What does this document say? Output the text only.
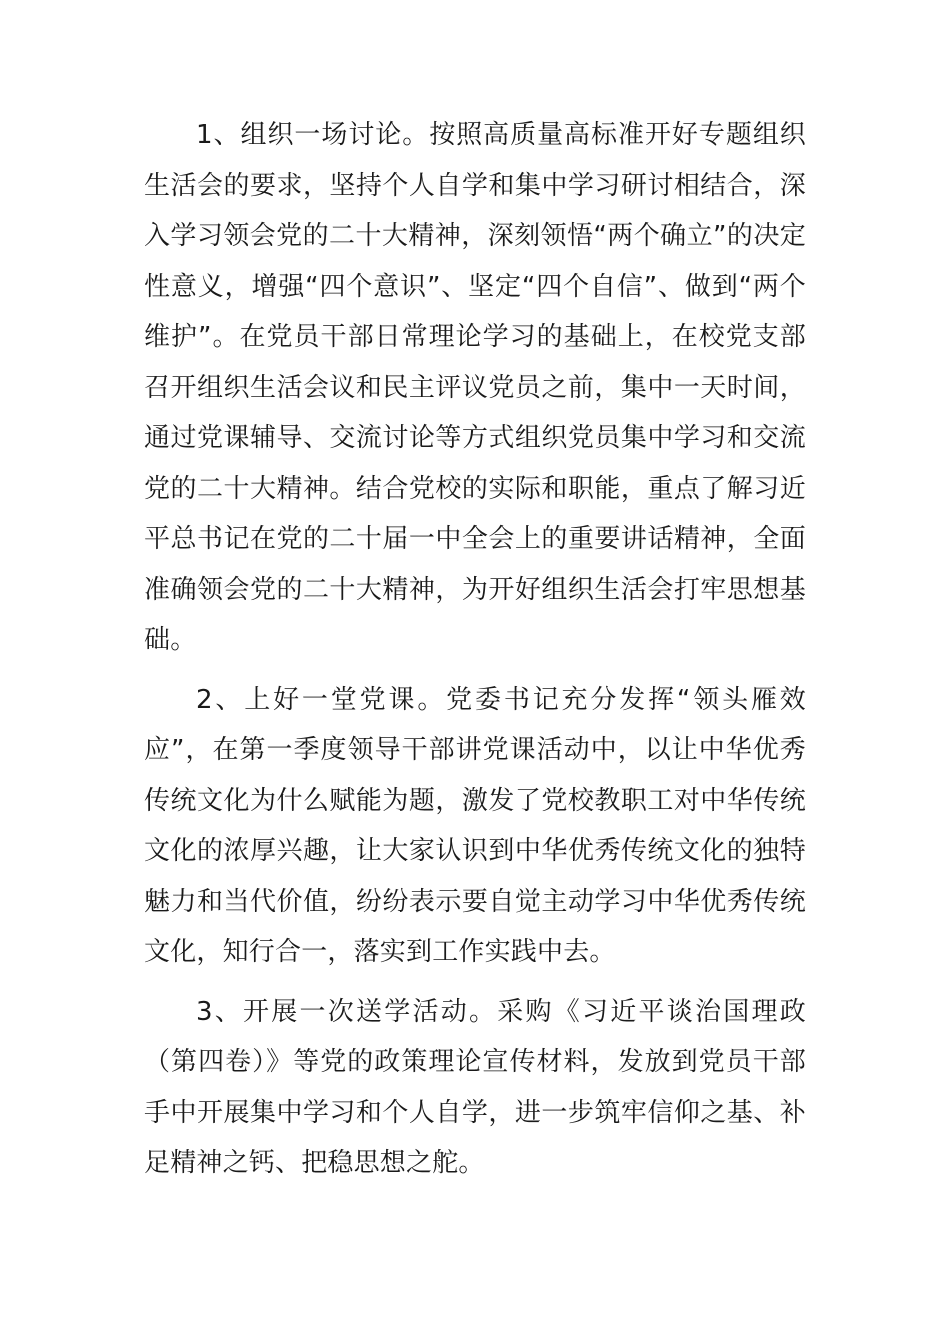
1、组织一场讨论。按照高质量高标准开好专题组织生活会的要求，坚持个人自学和集中学习研讨相结合，深入学习领会党的二十大精神，深刻领悟“两个确立”的决定性意义，增强“四个意识”、坚定“四个自信”、做到“两个维护”。在党员干部日常理论学习的基础上，在校党支部召开组织生活会议和民主评议党员之前，集中一天时间，通过党课辅导、交流讨论等方式组织党员集中学习和交流党的二十大精神。结合党校的实际和职能，重点了解习近平总书记在党的二十届一中全会上的重要讲话精神，全面准确领会党的二十大精神，为开好组织生活会打牢思想基础。

2、上好一堂党课。党委书记充分发挥“领头雁效应”，在第一季度领导干部讲党课活动中，以让中华优秀传统文化为什么赋能为题，激发了党校教职工对中华传统文化的浓厚兴趣，让大家认识到中华优秀传统文化的独特魅力和当代价值，纷纷表示要自觉主动学习中华优秀传统文化，知行合一，落实到工作实践中去。

3、开展一次送学活动。采购《习近平谈治国理政（第四卷）》等党的政策理论宣传材料，发放到党员干部手中开展集中学习和个人自学，进一步筑牢信仰之基、补足精神之钙、把稳思想之舵。
